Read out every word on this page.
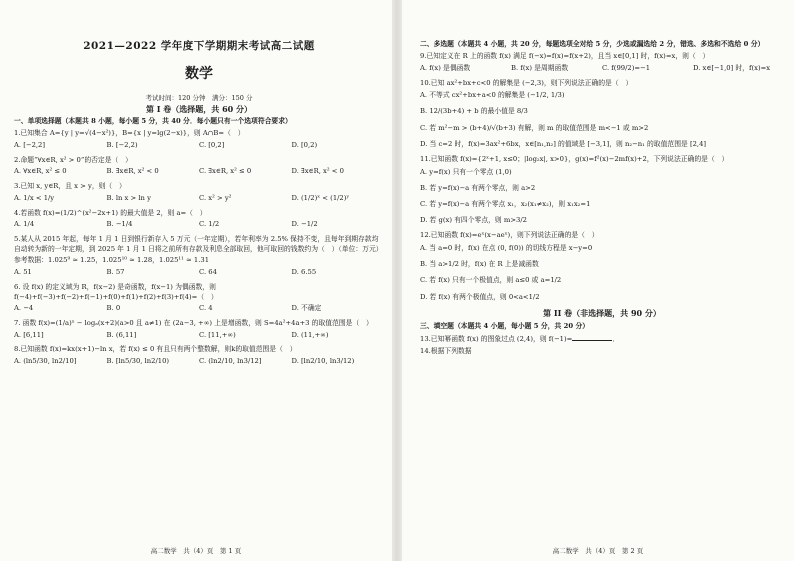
2021—2022 学年度下学期期末考试高二试题
数学
考试时间：120 分钟　满分：150 分
第 I 卷（选择题，共 60 分）
一、单项选择题（本题共 8 小题，每小题 5 分，共 40 分．每小题只有一个选项符合要求）
1.已知集合 A={y | y=√(4−x²)}，B={x | y=lg(2−x)}，则 A∩B=（　）
A. [−2,2]	B. [−2,2)	C. [0,2]	D. [0,2)
2.命题“∀x∈R, x² > 0”的否定是（　）
A. ∀x∈R, x² ≤ 0	B. ∃x∈R, x² < 0	C. ∃x∈R, x² ≤ 0	D. ∃x∈R, x² < 0
3.已知 x, y∈R，且 x > y，则（　）
A. 1/x < 1/y	B. ln x > ln y	C. x² > y²	D. (1/2)ˣ < (1/2)ʸ
4.若函数 f(x)=(1/2)^(x²−2x+1) 的最大值是 2，则 a=（　）
A. 1/4	B. −1/4	C. 1/2	D. −1/2
5.某人从 2015 年起，每年 1 月 1 日到银行新存入 5 万元（一年定期），若年利率为 2.5% 保持不变，且每年到期存款均自动转为新的一年定期，到 2025 年 1 月 1 日将之前所有存款及利息全部取回，他可取回的钱数约为（　）（单位：万元）
参考数据：1.025⁹ ≈ 1.25，1.025¹⁰ ≈ 1.28，1.025¹¹ ≈ 1.31
A. 51	B. 57	C. 64	D. 6.55
6. 设 f(x) 的定义域为 R，f(x−2) 是奇函数，f(x−1) 为偶函数，则 f(−4)+f(−3)+f(−2)+f(−1)+f(0)+f(1)+f(2)+f(3)+f(4)=（　）
A. −4	B. 0	C. 4	D. 不确定
7. 函数 f(x)=(1/a)ˣ − logₐ(x+2)(a>0 且 a≠1) 在 (2a−3, +∞) 上是增函数，则 S=4a²+4a+3 的取值范围是（　）
A. [6,11]	B. (6,11]	C. [11,+∞)	D. (11,+∞)
8.已知函数 f(x)=kx(x+1)−ln x，若 f(x) ≤ 0 有且只有两个整数解，则k的取值范围是（　）
A. (ln5/30, ln2/10]	B. [ln5/30, ln2/10)	C. (ln2/10, ln3/12]	D. [ln2/10, ln3/12)
高二数学　共（4）页　第 1 页
二、多选题（本题共 4 小题，共 20 分，每题选项全对给 5 分，少选或漏选给 2 分，错选、多选和不选给 0 分）
9.已知定义在 R 上的函数 f(x) 满足 f(−x)=f(x)=f(x+2)，且当 x∈[0,1] 时，f(x)=x，则（　）
A. f(x) 是偶函数	B. f(x) 是周期函数	C. f(99/2)=−1	D. x∈[−1,0] 时，f(x)=x
10.已知 ax²+bx+c<0 的解集是 (−2,3)，则下列说法正确的是（　）
A. 不等式 cx²+bx+a<0 的解集是 (−1/2, 1/3)
B. 12/(3b+4) + b 的最小值是 8/3
C. 若 m²−m > (b+4)/√(b+3) 有解，则 m 的取值范围是 m<−1 或 m>2
D. 当 c=2 时，f(x)=3ax²+6bx，x∈[n₁,n₂] 的值域是 [−3,1]，则 n₂−n₁ 的取值范围是 [2,4]
11.已知函数 f(x)={2ˣ+1, x≤0；|log₂x|, x>0}，g(x)=f²(x)−2mf(x)+2，下列说法正确的是（　）
A. y=f(x) 只有一个零点 (1,0)
B. 若 y=f(x)−a 有两个零点，则 a>2
C. 若 y=f(x)−a 有两个零点 x₁，x₂(x₁≠x₂)，则 x₁x₂=1
D. 若 g(x) 有四个零点，则 m>3/2
12.已知函数 f(x)=eˣ(x−aeˣ)，则下列说法正确的是（　）
A. 当 a=0 时，f(x) 在点 (0, f(0)) 的切线方程是 x−y=0
B. 当 a>1/2 时，f(x) 在 R 上是减函数
C. 若 f(x) 只有一个极值点，则 a≤0 或 a=1/2
D. 若 f(x) 有两个极值点，则 0<a<1/2
第 II 卷（非选择题，共 90 分）
三、填空题（本题共 4 小题，每小题 5 分，共 20 分）
13.已知幂函数 f(x) 的图象过点 (2,4)，则 f(−1)=	．
14.根据下列数据
高二数学　共（4）页　第 2 页
